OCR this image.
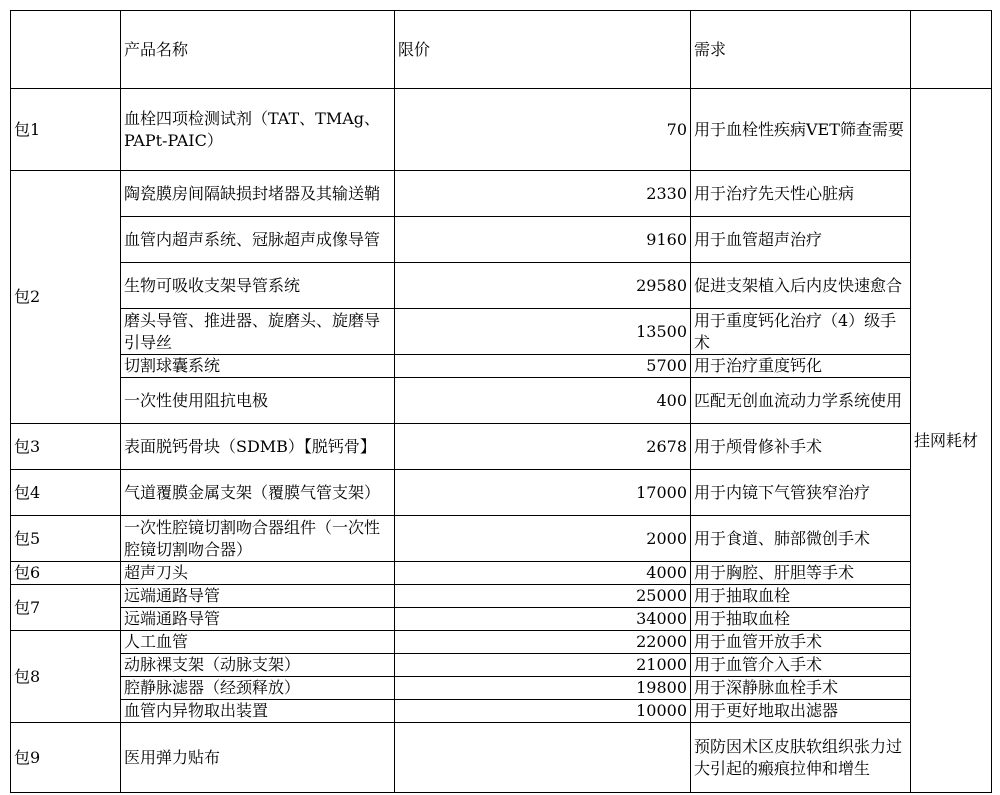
	产品名称	限价	需求	
包1	血栓四项检测试剂（TAT、TMAg、PAPt-PAIC）	70	用于血栓性疾病VET筛查需要	挂网耗材
包2	陶瓷膜房间隔缺损封堵器及其输送鞘	2330	用于治疗先天性心脏病	
	血管内超声系统、冠脉超声成像导管	9160	用于血管超声治疗	
	生物可吸收支架导管系统	29580	促进支架植入后内皮快速愈合	
	磨头导管、推进器、旋磨头、旋磨导引导丝	13500	用于重度钙化治疗（4）级手术	
	切割球囊系统	5700	用于治疗重度钙化	
	一次性使用阻抗电极	400	匹配无创血流动力学系统使用	
包3	表面脱钙骨块（SDMB）【脱钙骨】	2678	用于颅骨修补手术	
包4	气道覆膜金属支架（覆膜气管支架）	17000	用于内镜下气管狭窄治疗	
包5	一次性腔镜切割吻合器组件（一次性腔镜切割吻合器）	2000	用于食道、肺部微创手术	
包6	超声刀头	4000	用于胸腔、肝胆等手术	
包7	远端通路导管	25000	用于抽取血栓	
	远端通路导管	34000	用于抽取血栓	
包8	人工血管	22000	用于血管开放手术	
	动脉裸支架（动脉支架）	21000	用于血管介入手术	
	腔静脉滤器（经颈释放）	19800	用于深静脉血栓手术	
	血管内异物取出装置	10000	用于更好地取出滤器	
包9	医用弹力贴布		预防因术区皮肤软组织张力过大引起的瘢痕拉伸和增生	
